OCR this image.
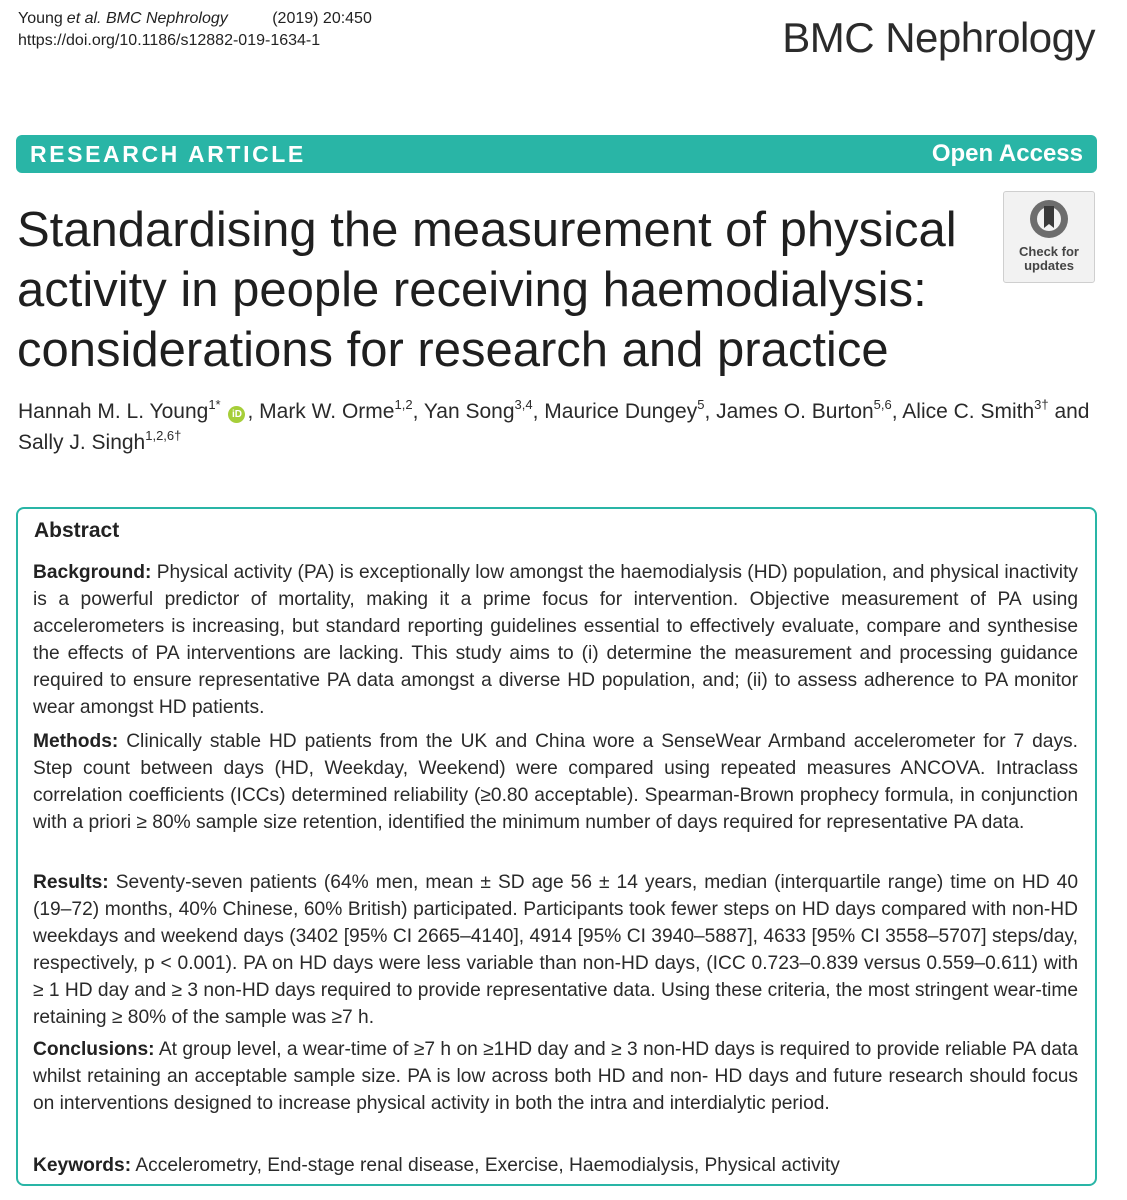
Young et al. BMC Nephrology	(2019) 20:450
https://doi.org/10.1186/s12882-019-1634-1	BMC Nephrology
RESEARCH ARTICLE	Open Access
Standardising the measurement of physical activity in people receiving haemodialysis: considerations for research and practice
Check for
updates
Hannah M. L. Young$^{1*}$ iD , Mark W. Orme$^{1,2}$, Yan Song$^{3,4}$, Maurice Dungey$^5$, James O. Burton$^{5,6}$, Alice C. Smith$^{3\dagger}$ and Sally J. Singh$^{1,2,6\dagger}$
Abstract

Background: Physical activity (PA) is exceptionally low amongst the haemodialysis (HD) population, and physical inactivity is a powerful predictor of mortality, making it a prime focus for intervention. Objective measurement of PA using accelerometers is increasing, but standard reporting guidelines essential to effectively evaluate, compare and synthesise the effects of PA interventions are lacking. This study aims to (i) determine the measurement and processing guidance required to ensure representative PA data amongst a diverse HD population, and; (ii) to assess adherence to PA monitor wear amongst HD patients.

Methods: Clinically stable HD patients from the UK and China wore a SenseWear Armband accelerometer for 7 days. Step count between days (HD, Weekday, Weekend) were compared using repeated measures ANCOVA. Intraclass correlation coefficients (ICCs) determined reliability (≥0.80 acceptable). Spearman-Brown prophecy formula, in conjunction with a priori ≥ 80% sample size retention, identified the minimum number of days required for representative PA data.

Results: Seventy-seven patients (64% men, mean ± SD age 56 ± 14 years, median (interquartile range) time on HD 40 (19–72) months, 40% Chinese, 60% British) participated. Participants took fewer steps on HD days compared with non-HD weekdays and weekend days (3402 [95% CI 2665–4140], 4914 [95% CI 3940–5887], 4633 [95% CI 3558–5707] steps/day, respectively, p < 0.001). PA on HD days were less variable than non-HD days, (ICC 0.723–0.839 versus 0.559–0.611) with ≥ 1 HD day and ≥ 3 non-HD days required to provide representative data. Using these criteria, the most stringent wear-time retaining ≥ 80% of the sample was ≥7 h.

Conclusions: At group level, a wear-time of ≥7 h on ≥1HD day and ≥ 3 non-HD days is required to provide reliable PA data whilst retaining an acceptable sample size. PA is low across both HD and non- HD days and future research should focus on interventions designed to increase physical activity in both the intra and interdialytic period.

Keywords: Accelerometry, End-stage renal disease, Exercise, Haemodialysis, Physical activity
